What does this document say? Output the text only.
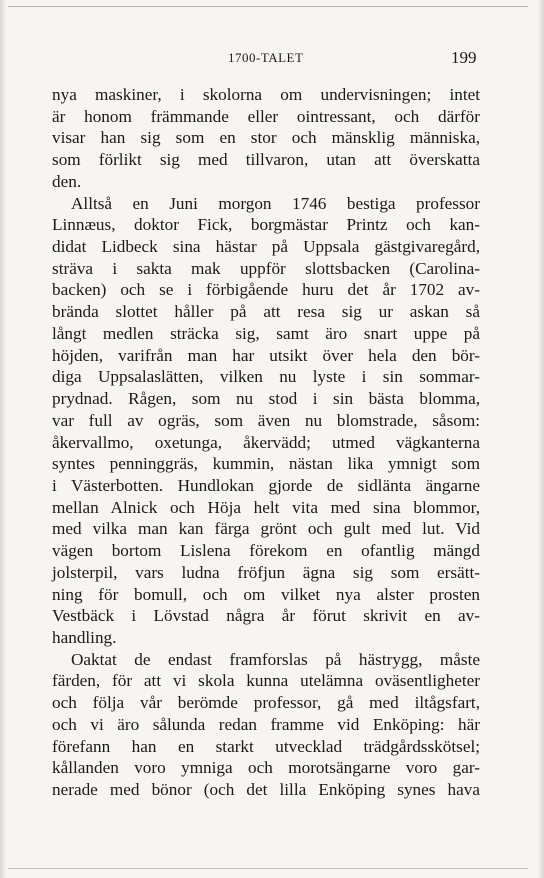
1700-TALET	199
nya maskiner, i skolorna om undervisningen; intet
är honom främmande eller ointressant, och därför
visar han sig som en stor och mänsklig människa,
som förlikt sig med tillvaron, utan att överskatta
den.
Alltså en Juni morgon 1746 bestiga professor
Linnæus, doktor Fick, borgmästar Printz och kan-
didat Lidbeck sina hästar på Uppsala gästgivaregård,
sträva i sakta mak uppför slottsbacken (Carolina-
backen) och se i förbigående huru det år 1702 av-
brända slottet håller på att resa sig ur askan så
långt medlen sträcka sig, samt äro snart uppe på
höjden, varifrån man har utsikt över hela den bör-
diga Uppsalaslätten, vilken nu lyste i sin sommar-
prydnad. Rågen, som nu stod i sin bästa blomma,
var full av ogräs, som även nu blomstrade, såsom:
åkervallmo, oxetunga, åkervädd; utmed vägkanterna
syntes penninggräs, kummin, nästan lika ymnigt som
i Västerbotten. Hundlokan gjorde de sidlänta ängarne
mellan Alnick och Höja helt vita med sina blommor,
med vilka man kan färga grönt och gult med lut. Vid
vägen bortom Lislena förekom en ofantlig mängd
jolsterpil, vars ludna fröfjun ägna sig som ersätt-
ning för bomull, och om vilket nya alster prosten
Vestbäck i Lövstad några år förut skrivit en av-
handling.
Oaktat de endast framforslas på hästrygg, måste
färden, för att vi skola kunna utelämna oväsentligheter
och följa vår berömde professor, gå med iltågsfart,
och vi äro sålunda redan framme vid Enköping: här
förefann han en starkt utvecklad trädgårdsskötsel;
kållanden voro ymniga och morotsängarne voro gar-
nerade med bönor (och det lilla Enköping synes hava
